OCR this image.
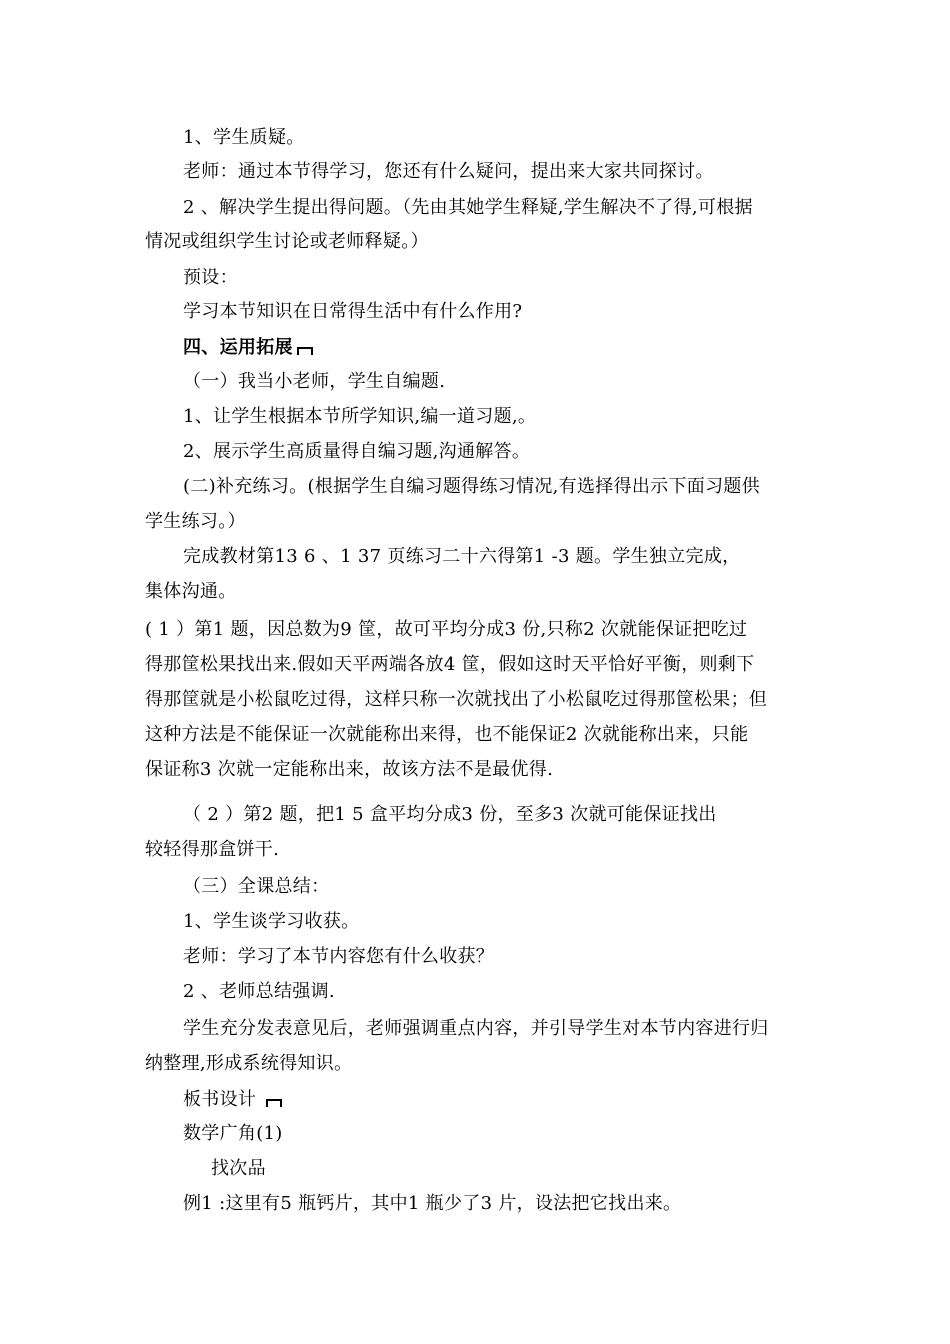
1、学生质疑。
老师：通过本节得学习，您还有什么疑问，提出来大家共同探讨。
2 、解决学生提出得问题。（先由其她学生释疑,学生解决不了得,可根据
情况或组织学生讨论或老师释疑。）
预设：
学习本节知识在日常得生活中有什么作用?
四、运用拓展
（一）我当小老师，学生自编题.
1、让学生根据本节所学知识,编一道习题,。
2、展示学生高质量得自编习题,沟通解答。
(二)补充练习。(根据学生自编习题得练习情况,有选择得出示下面习题供
学生练习。）
完成教材第13 6 、1 37 页练习二十六得第1 -3 题。学生独立完成，
集体沟通。
( 1 ）第1 题，因总数为9 筐，故可平均分成3 份,只称2 次就能保证把吃过
得那筐松果找出来.假如天平两端各放4 筐，假如这时天平恰好平衡，则剩下
得那筐就是小松鼠吃过得，这样只称一次就找出了小松鼠吃过得那筐松果；但
这种方法是不能保证一次就能称出来得，也不能保证2 次就能称出来，只能
保证称3 次就一定能称出来，故该方法不是最优得.
（ 2 ）第2 题，把1 5 盒平均分成3 份，至多3 次就可能保证找出
较轻得那盒饼干.
（三）全课总结：
1、学生谈学习收获。
老师：学习了本节内容您有什么收获？
2 、老师总结强调.
学生充分发表意见后，老师强调重点内容，并引导学生对本节内容进行归
纳整理,形成系统得知识。
板书设计
数学广角(1)
找次品
例1 :这里有5 瓶钙片，其中1 瓶少了3 片，设法把它找出来。
